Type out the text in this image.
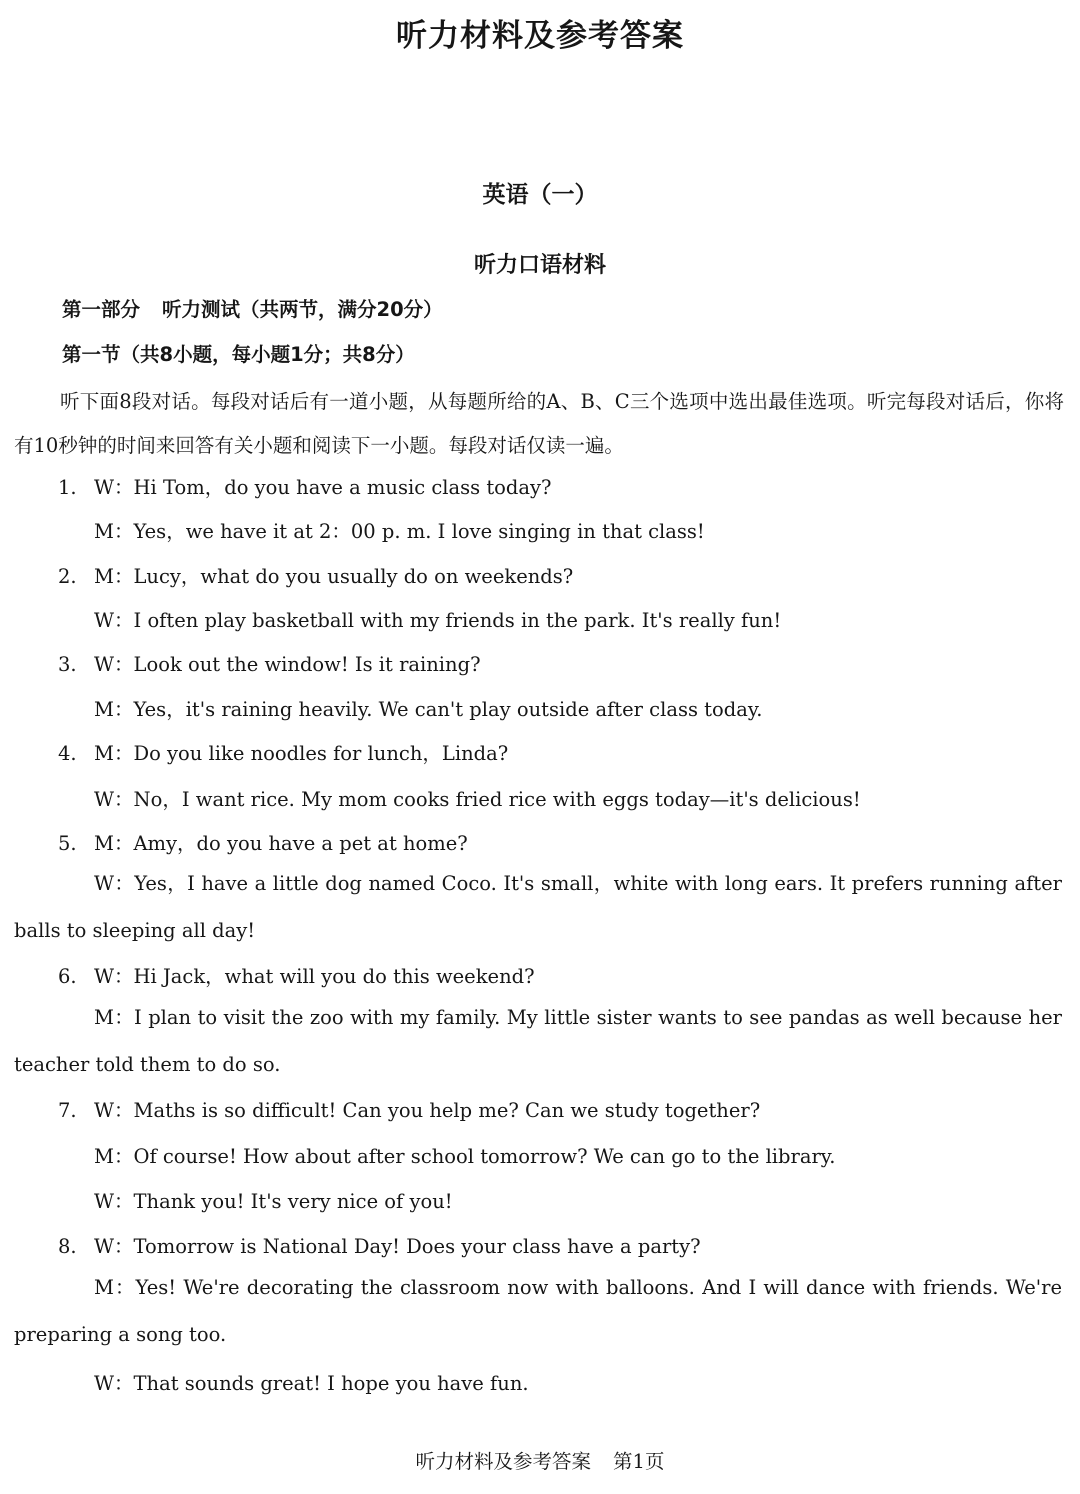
听力材料及参考答案
英语（一）
听力口语材料

第一部分 听力测试（共两节，满分20分）

第一节（共8小题，每小题1分；共8分）

听下面8段对话。每段对话后有一道小题，从每题所给的A、B、C三个选项中选出最佳选项。听完每段对话后，你将有10秒钟的时间来回答有关小题和阅读下一小题。每段对话仅读一遍。

1. W：Hi Tom，do you have a music class today?

M：Yes，we have it at 2：00 p. m. I love singing in that class!

2. M：Lucy，what do you usually do on weekends?

W：I often play basketball with my friends in the park. It's really fun!

3. W：Look out the window! Is it raining?

M：Yes，it's raining heavily. We can't play outside after class today.

4. M：Do you like noodles for lunch，Linda?

W：No，I want rice. My mom cooks fried rice with eggs today—it's delicious!

5. M：Amy，do you have a pet at home?

W：Yes，I have a little dog named Coco. It's small，white with long ears. It prefers running after balls to sleeping all day!

6. W：Hi Jack，what will you do this weekend?

M：I plan to visit the zoo with my family. My little sister wants to see pandas as well because her teacher told them to do so.

7. W：Maths is so difficult! Can you help me? Can we study together?

M：Of course! How about after school tomorrow? We can go to the library.

W：Thank you! It's very nice of you!

8. W：Tomorrow is National Day! Does your class have a party?

M：Yes! We're decorating the classroom now with balloons. And I will dance with friends. We're preparing a song too.

W：That sounds great! I hope you have fun.

听力材料及参考答案 第1页
